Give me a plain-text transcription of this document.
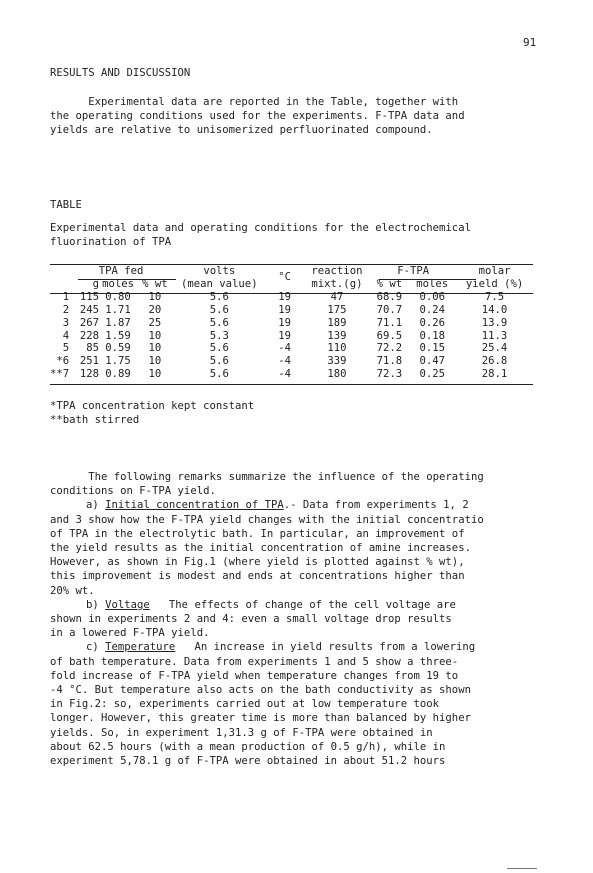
91
RESULTS AND DISCUSSION
Experimental data are reported in the Table, together with
the operating conditions used for the experiments. F-TPA data and
yields are relative to unisomerized perfluorinated compound.
TABLE
Experimental data and operating conditions for the electrochemical
fluorination of TPA
	TPA fed			volts	°C	reaction	F-TPA		molar
	g	moles	% wt	(mean value)		mixt.(g)	% wt	moles	yield (%)
1	115	0.80	10	5.6	19	47	68.9	0.06	7.5
2	245	1.71	20	5.6	19	175	70.7	0.24	14.0
3	267	1.87	25	5.6	19	189	71.1	0.26	13.9
4	228	1.59	10	5.3	19	139	69.5	0.18	11.3
5	85	0.59	10	5.6	-4	110	72.2	0.15	25.4
*6	251	1.75	10	5.6	-4	339	71.8	0.47	26.8
**7	128	0.89	10	5.6	-4	180	72.3	0.25	28.1
*TPA concentration kept constant
**bath stirred
The following remarks summarize the influence of the operating
conditions on F-TPA yield.
a) Initial concentration of TPA.- Data from experiments 1, 2
and 3 show how the F-TPA yield changes with the initial concentratio
of TPA in the electrolytic bath. In particular, an improvement of
the yield results as the initial concentration of amine increases.
However, as shown in Fig.1 (where yield is plotted against % wt),
this improvement is modest and ends at concentrations higher than
20% wt.
b) Voltage   The effects of change of the cell voltage are
shown in experiments 2 and 4: even a small voltage drop results
in a lowered F-TPA yield.
c) Temperature   An increase in yield results from a lowering
of bath temperature. Data from experiments 1 and 5 show a three-
fold increase of F-TPA yield when temperature changes from 19 to
-4 °C. But temperature also acts on the bath conductivity as shown
in Fig.2: so, experiments carried out at low temperature took
longer. However, this greater time is more than balanced by higher
yields. So, in experiment 1,31.3 g of F-TPA were obtained in
about 62.5 hours (with a mean production of 0.5 g/h), while in
experiment 5,78.1 g of F-TPA were obtained in about 51.2 hours
